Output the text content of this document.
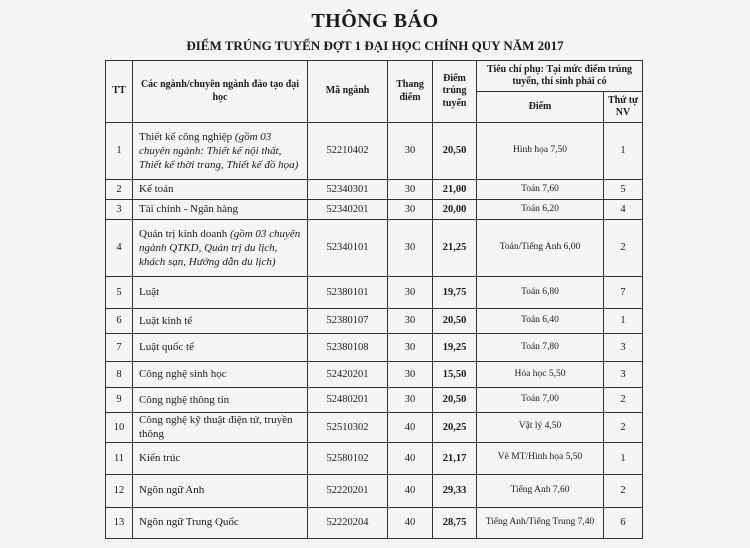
THÔNG BÁO
ĐIỂM TRÚNG TUYỂN ĐỢT 1 ĐẠI HỌC CHÍNH QUY NĂM 2017
TT	Các ngành/chuyên ngành đào tạo đại học	Mã ngành	Thang điểm	Điểm trúng tuyển	Tiêu chí phụ: Tại mức điểm trúng tuyển, thí sinh phải có	
					Điểm	Thứ tự NV
1	Thiết kế công nghiệp (gồm 03 chuyên ngành: Thiết kế nội thất, Thiết kế thời trang, Thiết kế đồ họa)	52210402	30	20,50	Hình họa 7,50	1
2	Kế toán	52340301	30	21,00	Toán 7,60	5
3	Tài chính - Ngân hàng	52340201	30	20,00	Toán 6,20	4
4	Quản trị kinh doanh (gồm 03 chuyên ngành QTKD, Quản trị du lịch, khách sạn, Hướng dẫn du lịch)	52340101	30	21,25	Toán/Tiếng Anh 6,00	2
5	Luật	52380101	30	19,75	Toán 6,80	7
6	Luật kinh tế	52380107	30	20,50	Toán 6,40	1
7	Luật quốc tế	52380108	30	19,25	Toán 7,80	3
8	Công nghệ sinh học	52420201	30	15,50	Hóa học 5,50	3
9	Công nghệ thông tin	52480201	30	20,50	Toán 7,00	2
10	Công nghệ kỹ thuật điện tử, truyền thông	52510302	40	20,25	Vật lý 4,50	2
11	Kiến trúc	52580102	40	21,17	Vẽ MT/Hình họa 5,50	1
12	Ngôn ngữ Anh	52220201	40	29,33	Tiếng Anh 7,60	2
13	Ngôn ngữ Trung Quốc	52220204	40	28,75	Tiếng Anh/Tiếng Trung 7,40	6
